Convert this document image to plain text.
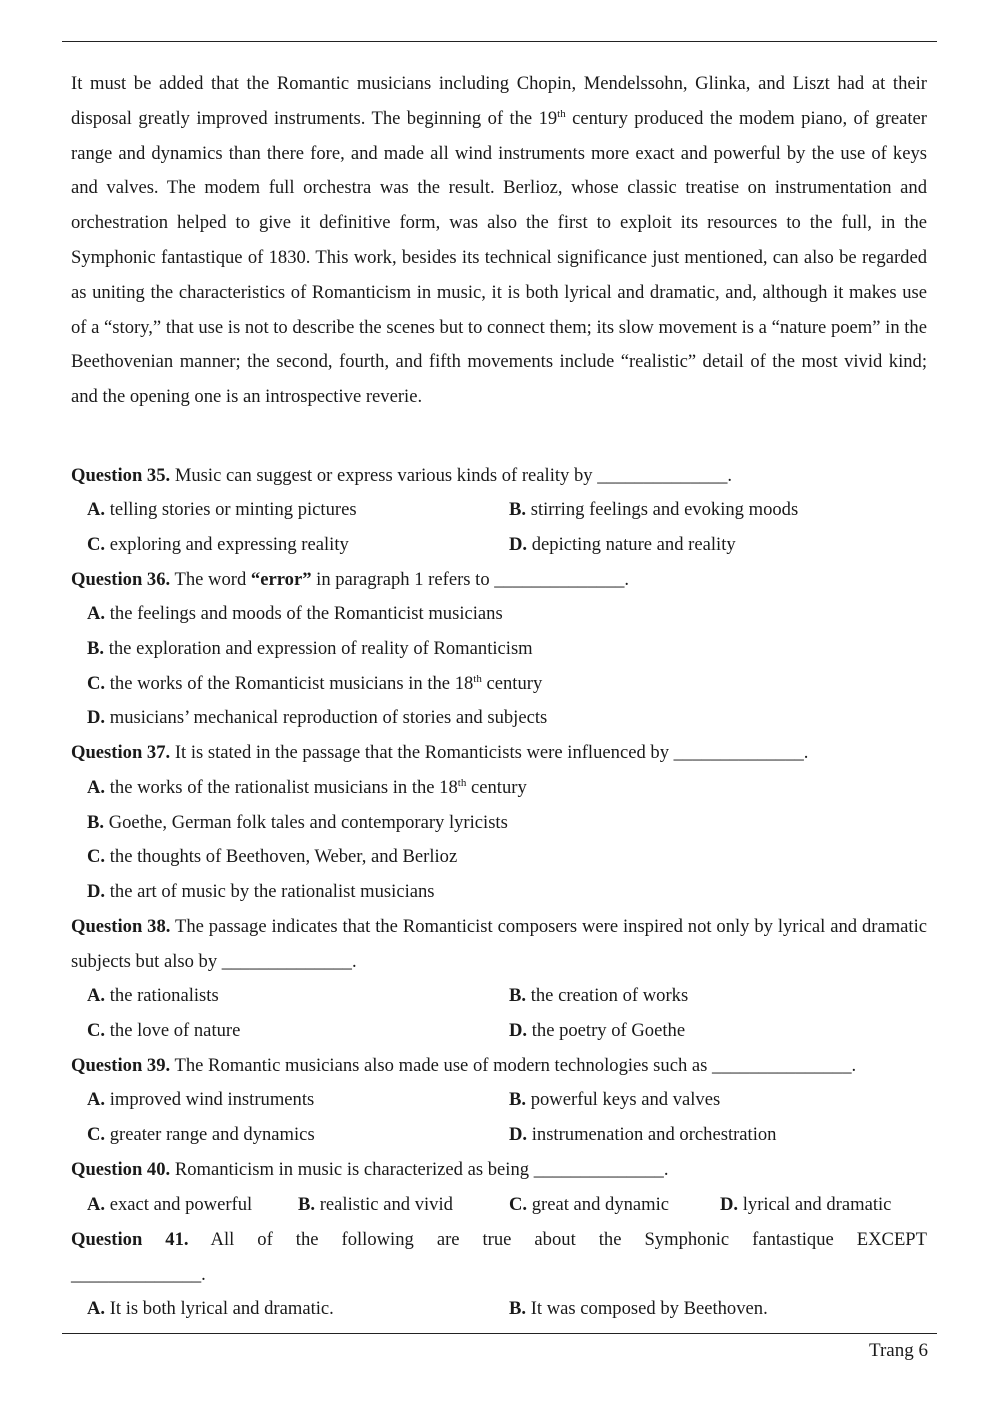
It must be added that the Romantic musicians including Chopin, Mendelssohn, Glinka, and Liszt had at their disposal greatly improved instruments. The beginning of the 19th century produced the modem piano, of greater range and dynamics than there fore, and made all wind instruments more exact and powerful by the use of keys and valves. The modem full orchestra was the result. Berlioz, whose classic treatise on instrumentation and orchestration helped to give it definitive form, was also the first to exploit its resources to the full, in the Symphonic fantastique of 1830. This work, besides its technical significance just mentioned, can also be regarded as uniting the characteristics of Romanticism in music, it is both lyrical and dramatic, and, although it makes use of a “story,” that use is not to describe the scenes but to connect them; its slow movement is a “nature poem” in the Beethovenian manner; the second, fourth, and fifth movements include “realistic” detail of the most vivid kind; and the opening one is an introspective reverie.

Question 35. Music can suggest or express various kinds of reality by ______________.
A. telling stories or minting pictures	B. stirring feelings and evoking moods
C. exploring and expressing reality	D. depicting nature and reality
Question 36. The word “error” in paragraph 1 refers to ______________.
A. the feelings and moods of the Romanticist musicians
B. the exploration and expression of reality of Romanticism
C. the works of the Romanticist musicians in the 18th century
D. musicians’ mechanical reproduction of stories and subjects
Question 37. It is stated in the passage that the Romanticists were influenced by ______________.
A. the works of the rationalist musicians in the 18th century
B. Goethe, German folk tales and contemporary lyricists
C. the thoughts of Beethoven, Weber, and Berlioz
D. the art of music by the rationalist musicians
Question 38. The passage indicates that the Romanticist composers were inspired not only by lyrical and dramatic subjects but also by ______________.
A. the rationalists	B. the creation of works
C. the love of nature	D. the poetry of Goethe
Question 39. The Romantic musicians also made use of modern technologies such as _______________.
A. improved wind instruments	B. powerful keys and valves
C. greater range and dynamics	D. instrumenation and orchestration
Question 40. Romanticism in music is characterized as being ______________.
A. exact and powerful B. realistic and vivid	C. great and dynamic	D. lyrical and dramatic
Question 41. All of the following are true about the Symphonic fantastique EXCEPT
______________.
A. It is both lyrical and dramatic.	B. It was composed by Beethoven.
Trang 6
